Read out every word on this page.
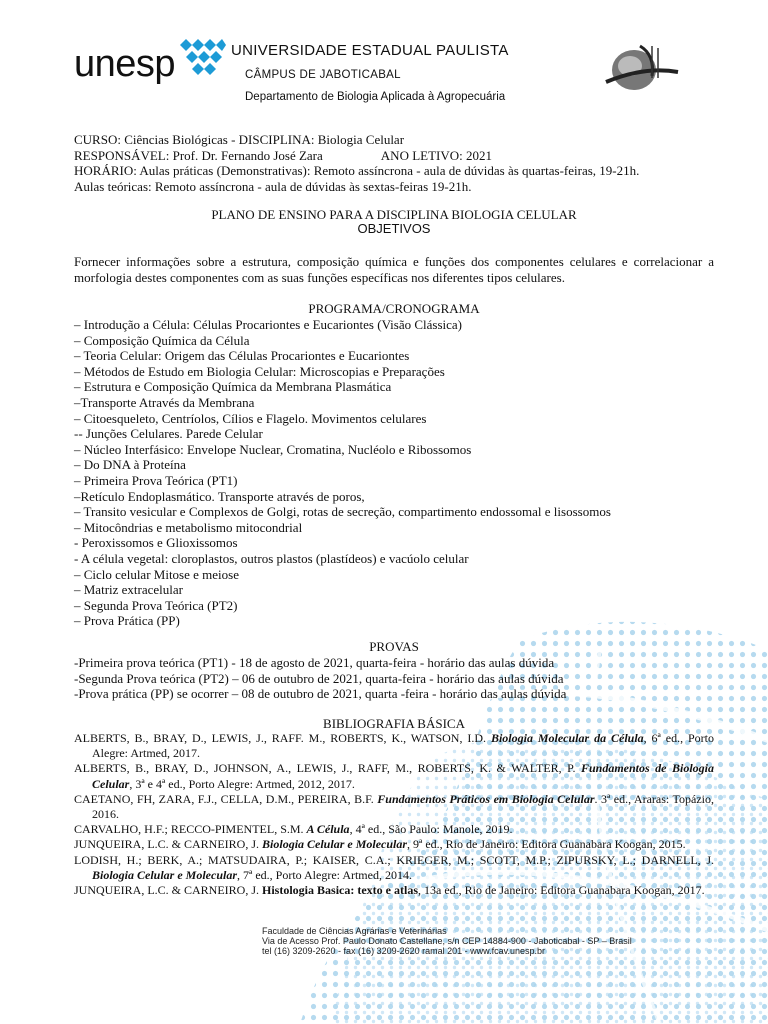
unesp	UNIVERSIDADE ESTADUAL PAULISTA
CÂMPUS DE JABOTICABAL
Departamento de Biologia Aplicada à Agropecuária
CURSO: Ciências Biológicas - DISCIPLINA: Biologia Celular
RESPONSÁVEL: Prof. Dr. Fernando José Zara	ANO LETIVO: 2021
HORÁRIO: Aulas práticas (Demonstrativas): Remoto assíncrona - aula de dúvidas às quartas-feiras, 19-21h.
Aulas teóricas: Remoto assíncrona - aula de dúvidas às sextas-feiras 19-21h.
PLANO DE ENSINO PARA A DISCIPLINA BIOLOGIA CELULAR
OBJETIVOS
Fornecer informações sobre a estrutura, composição química e funções dos componentes celulares e correlacionar a morfologia destes componentes com as suas funções específicas nos diferentes tipos celulares.
PROGRAMA/CRONOGRAMA
– Introdução a Célula: Células Procariontes e Eucariontes (Visão Clássica)
– Composição Química da Célula
– Teoria Celular: Origem das Células Procariontes e Eucariontes
– Métodos de Estudo em Biologia Celular: Microscopias e Preparações
– Estrutura e Composição Química da Membrana Plasmática
–Transporte Através da Membrana
– Citoesqueleto, Centríolos, Cílios e Flagelo. Movimentos celulares
-- Junções Celulares. Parede Celular
– Núcleo Interfásico: Envelope Nuclear, Cromatina, Nucléolo e Ribossomos
– Do DNA à Proteína
– Primeira Prova Teórica (PT1)
–Retículo Endoplasmático. Transporte através de poros,
– Transito vesicular e Complexos de Golgi, rotas de secreção, compartimento endossomal e lisossomos
– Mitocôndrias e metabolismo mitocondrial
- Peroxissomos e Glioxissomos
- A célula vegetal: cloroplastos, outros plastos (plastídeos) e vacúolo celular
– Ciclo celular Mitose e meiose
– Matriz extracelular
– Segunda Prova Teórica (PT2)
– Prova Prática (PP)
PROVAS
-Primeira prova teórica (PT1) - 18 de agosto de 2021, quarta-feira - horário das aulas dúvida
-Segunda Prova teórica (PT2) – 06 de outubro de 2021, quarta-feira - horário das aulas dúvida
-Prova prática (PP) se ocorrer – 08 de outubro de 2021, quarta -feira - horário das aulas dúvida
BIBLIOGRAFIA BÁSICA
ALBERTS, B., BRAY, D., LEWIS, J., RAFF. M., ROBERTS, K., WATSON, I.D. Biologia Molecular da Célula, 6ª ed., Porto Alegre: Artmed, 2017.
ALBERTS, B., BRAY, D., JOHNSON, A., LEWIS, J., RAFF, M., ROBERTS, K. & WALTER, P. Fundamentos de Biologia Celular, 3ª e 4ª ed., Porto Alegre: Artmed, 2012, 2017.
CAETANO, FH, ZARA, F.J., CELLA, D.M., PEREIRA, B.F. Fundamentos Práticos em Biologia Celular. 3ª ed., Araras: Topázio, 2016.
CARVALHO, H.F.; RECCO-PIMENTEL, S.M. A Célula, 4ª ed., São Paulo: Manole, 2019.
JUNQUEIRA, L.C. & CARNEIRO, J. Biologia Celular e Molecular, 9ª ed., Rio de Janeiro: Editora Guanabara Koogan, 2015.
LODISH, H.; BERK, A.; MATSUDAIRA, P.; KAISER, C.A.; KRIEGER, M.; SCOTT, M.P.; ZIPURSKY, L.; DARNELL, J. Biologia Celular e Molecular, 7ª ed., Porto Alegre: Artmed, 2014.
JUNQUEIRA, L.C. & CARNEIRO, J. Histologia Basica: texto e atlas, 13a ed., Rio de Janeiro: Editora Guanabara Koogan, 2017.
Faculdade de Ciências Agrárias e Veterinárias
Via de Acesso Prof. Paulo Donato Castellane, s/n CEP 14884-900 - Jaboticabal - SP – Brasil
tel (16) 3209-2620 - fax (16) 3209-2620 ramal 201 - www.fcav.unesp.br
